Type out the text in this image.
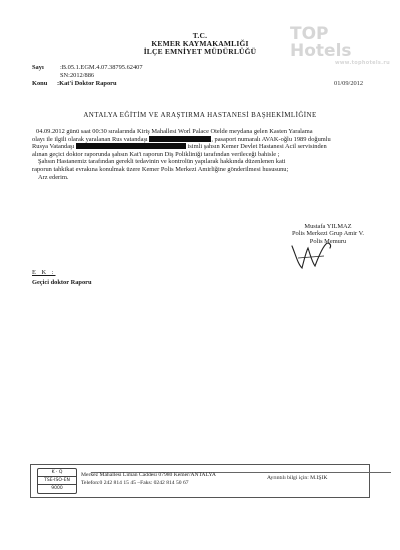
T.C.
KEMER KAYMAKAMLIĞI
İLÇE EMNİYET MÜDÜRLÜĞÜ
TOP Hotels
www.tophotels.ru
Sayı	:B.05.1.EGM.4.07.38795.62407
SN:2012/886
Konu :Kat'i Doktor Raporu	01/09/2012
ANTALYA EĞİTİM VE ARAŞTIRMA HASTANESİ BAŞHEKİMLİĞİNE
04.09.2012 günü saat 00:30 sıralarında Kiriş Mahallesi Worl Palace Otelde meydana gelen Kasten Yaralama
olayı ile ilgili olarak yaralanan Rus vatandaşı	, pasaport numaralı AVAK-oğlu 1989 doğumlu
Rusya Vatandaşı	isimli şahsın Kemer Devlet Hastanesi Acil servisinden
alınan geçici doktor raporunda şahsın Kat'i raporun Diş Polikliniği tarafından verileceği bahisle ;
Şahsın Hastanemiz tarafından gerekli tedavinin ve kontrolün yapılarak hakkında düzenlenen kati
raporun tahkikat evrakına konulmak üzere Kemer Polis Merkezi Amirliğine gönderilmesi hususunu;
Arz ederim.
Mustafa YILMAZ
Polis Merkezi Grup Amir V.
Polis Memuru
E K :
Geçici doktor Raporu
K · Q
TSE-ISO-EN
9000
Merkez Mahallesi Liman Caddesi 07980 Kemer/ANTALYA
Telefon:0 242 814 15 45 –Faks: 0242 814 50 67
Ayrıntılı bilgi için: M.IŞIK
